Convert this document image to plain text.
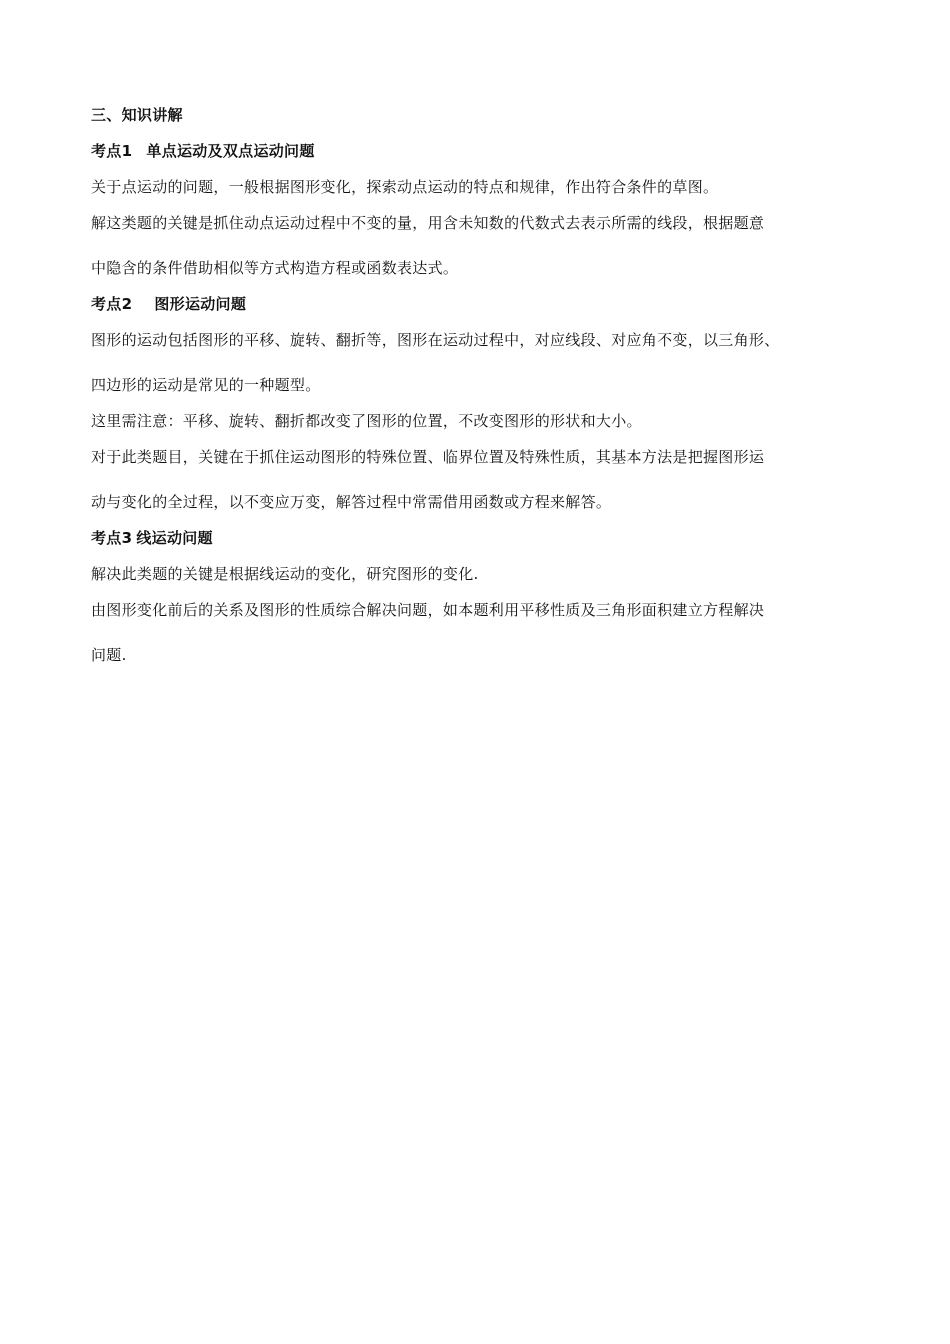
三、知识讲解
考点1 单点运动及双点运动问题
关于点运动的问题，一般根据图形变化，探索动点运动的特点和规律，作出符合条件的草图。
解这类题的关键是抓住动点运动过程中不变的量，用含未知数的代数式去表示所需的线段，根据题意
中隐含的条件借助相似等方式构造方程或函数表达式。
考点2 图形运动问题
图形的运动包括图形的平移、旋转、翻折等，图形在运动过程中，对应线段、对应角不变，以三角形、
四边形的运动是常见的一种题型。
这里需注意：平移、旋转、翻折都改变了图形的位置，不改变图形的形状和大小。
对于此类题目，关键在于抓住运动图形的特殊位置、临界位置及特殊性质，其基本方法是把握图形运
动与变化的全过程，以不变应万变，解答过程中常需借用函数或方程来解答。
考点3 线运动问题
解决此类题的关键是根据线运动的变化，研究图形的变化.
由图形变化前后的关系及图形的性质综合解决问题，如本题利用平移性质及三角形面积建立方程解决
问题.
